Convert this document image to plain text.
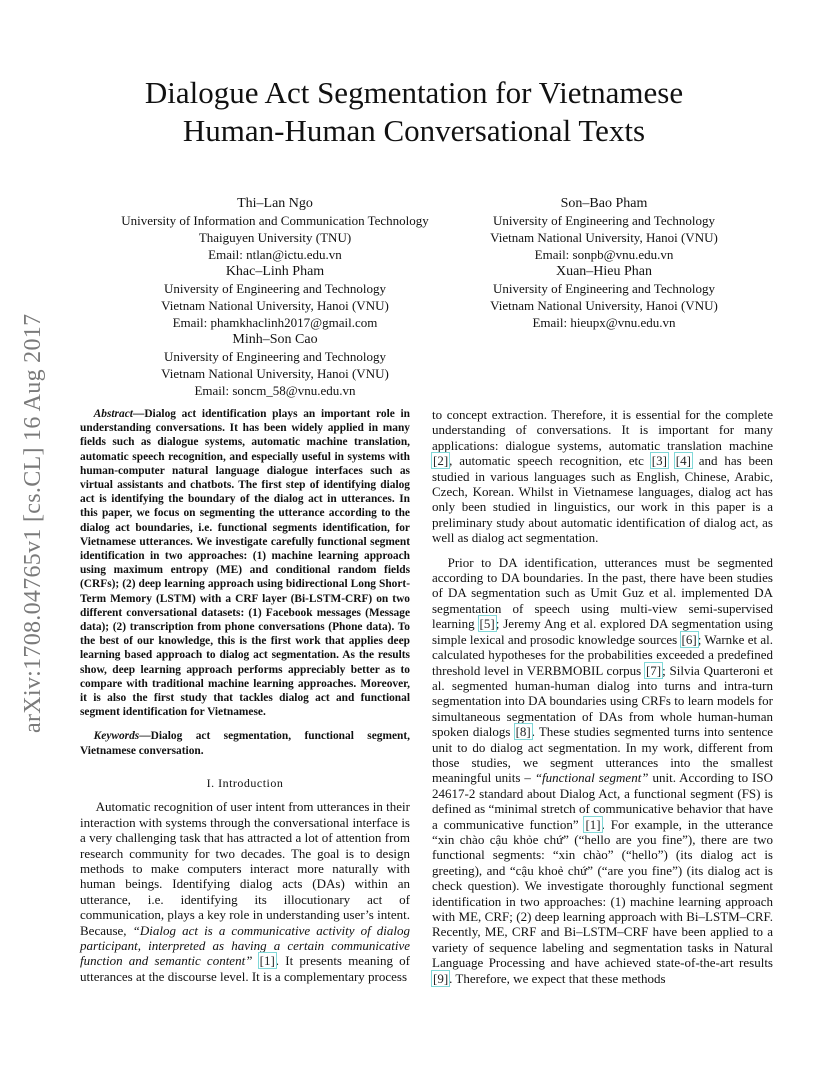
arXiv:1708.04765v1 [cs.CL] 16 Aug 2017
Dialogue Act Segmentation for Vietnamese
Human-Human Conversational Texts
Thi–Lan Ngo
University of Information and Communication Technology
Thaiguyen University (TNU)
Email: ntlan@ictu.edu.vn
Khac–Linh Pham
University of Engineering and Technology
Vietnam National University, Hanoi (VNU)
Email: phamkhaclinh2017@gmail.com
Minh–Son Cao
University of Engineering and Technology
Vietnam National University, Hanoi (VNU)
Email: soncm_58@vnu.edu.vn
Son–Bao Pham
University of Engineering and Technology
Vietnam National University, Hanoi (VNU)
Email: sonpb@vnu.edu.vn
Xuan–Hieu Phan
University of Engineering and Technology
Vietnam National University, Hanoi (VNU)
Email: hieupx@vnu.edu.vn

Abstract—Dialog act identification plays an important role in understanding conversations. It has been widely applied in many fields such as dialogue systems, automatic machine translation, automatic speech recognition, and especially useful in systems with human-computer natural language dialogue interfaces such as virtual assistants and chatbots. The first step of identifying dialog act is identifying the boundary of the dialog act in utterances. In this paper, we focus on segmenting the utterance according to the dialog act boundaries, i.e. functional segments identification, for Vietnamese utterances. We investigate carefully functional segment identification in two approaches: (1) machine learning approach using maximum entropy (ME) and conditional random fields (CRFs); (2) deep learning approach using bidirectional Long Short-Term Memory (LSTM) with a CRF layer (Bi-LSTM-CRF) on two different conversational datasets: (1) Facebook messages (Message data); (2) transcription from phone conversations (Phone data). To the best of our knowledge, this is the first work that applies deep learning based approach to dialog act segmentation. As the results show, deep learning approach performs appreciably better as to compare with traditional machine learning approaches. Moreover, it is also the first study that tackles dialog act and functional segment identification for Vietnamese.

Keywords—Dialog act segmentation, functional segment, Vietnamese conversation.

I. Introduction

Automatic recognition of user intent from utterances in their interaction with systems through the conversational interface is a very challenging task that has attracted a lot of attention from research community for two decades. The goal is to design methods to make computers interact more naturally with human beings. Identifying dialog acts (DAs) within an utterance, i.e. identifying its illocutionary act of communication, plays a key role in understanding user’s intent. Because, “Dialog act is a communicative activity of dialog participant, interpreted as having a certain communicative function and semantic content” [1]. It presents meaning of utterances at the discourse level. It is a complementary process

to concept extraction. Therefore, it is essential for the complete understanding of conversations. It is important for many applications: dialogue systems, automatic translation machine [2], automatic speech recognition, etc [3] [4] and has been studied in various languages such as English, Chinese, Arabic, Czech, Korean. Whilst in Vietnamese languages, dialog act has only been studied in linguistics, our work in this paper is a preliminary study about automatic identification of dialog act, as well as dialog act segmentation.

Prior to DA identification, utterances must be segmented according to DA boundaries. In the past, there have been studies of DA segmentation such as Umit Guz et al. implemented DA segmentation of speech using multi-view semi-supervised learning [5]; Jeremy Ang et al. explored DA segmentation using simple lexical and prosodic knowledge sources [6]; Warnke et al. calculated hypotheses for the probabilities exceeded a predefined threshold level in VERBMOBIL corpus [7]; Silvia Quarteroni et al. segmented human-human dialog into turns and intra-turn segmentation into DA boundaries using CRFs to learn models for simultaneous segmentation of DAs from whole human-human spoken dialogs [8]. These studies segmented turns into sentence unit to do dialog act segmentation. In my work, different from those studies, we segment utterances into the smallest meaningful units – “functional segment” unit. According to ISO 24617-2 standard about Dialog Act, a functional segment (FS) is defined as “minimal stretch of communicative behavior that have a communicative function” [1]. For example, in the utterance “xin chào cậu khỏe chứ” (“hello are you fine”), there are two functional segments: “xin chào” (“hello”) (its dialog act is greeting), and “cậu khoẻ chứ” (“are you fine”) (its dialog act is check question). We investigate thoroughly functional segment identification in two approaches: (1) machine learning approach with ME, CRF; (2) deep learning approach with Bi–LSTM–CRF. Recently, ME, CRF and Bi–LSTM–CRF have been applied to a variety of sequence labeling and segmentation tasks in Natural Language Processing and have achieved state-of-the-art results [9]. Therefore, we expect that these methods
